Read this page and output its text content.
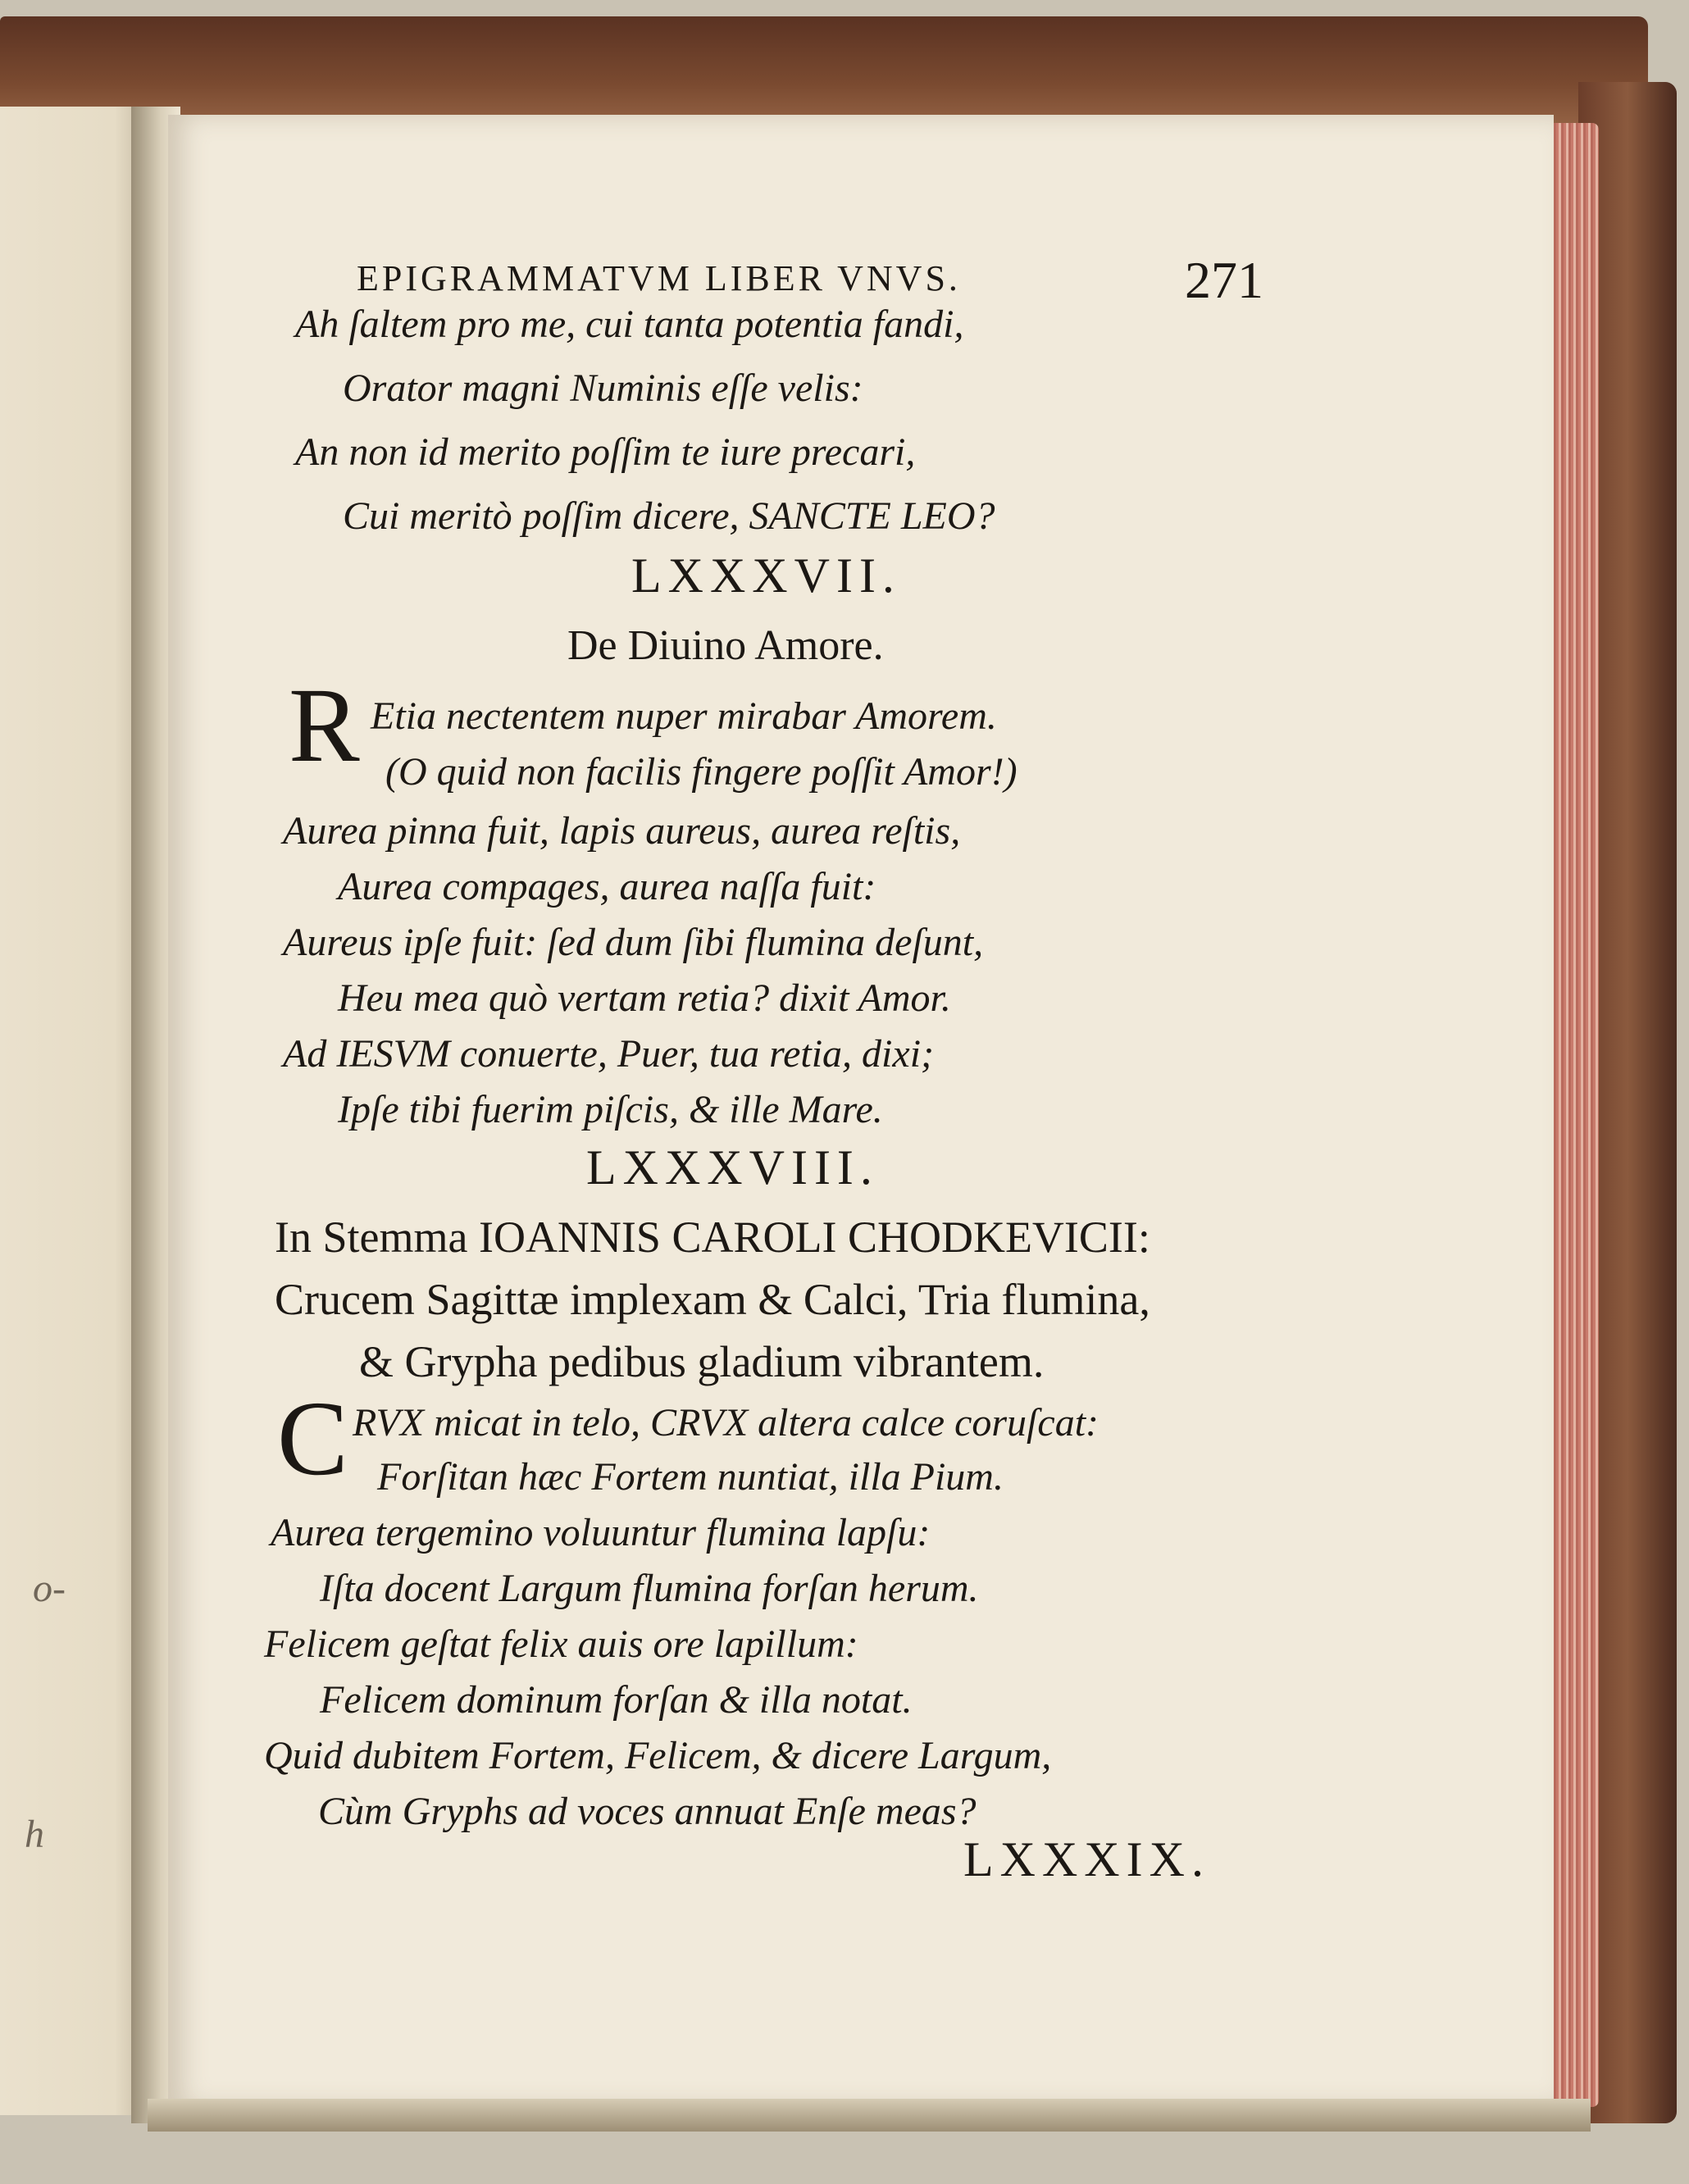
o-
h
EPIGRAMMATVM LIBER VNVS.	271
Ah ſaltem pro me, cui tanta potentia fandi,
Orator magni Numinis eſſe velis:
An non id merito poſſim te iure precari,
Cui meritò poſſim dicere, SANCTE LEO?
LXXXVII.
De Diuino Amore.
R Etia nectentem nuper mirabar Amorem.
(O quid non facilis fingere poſſit Amor!)
Aurea pinna fuit, lapis aureus, aurea reſtis,
Aurea compages, aurea naſſa fuit:
Aureus ipſe fuit: ſed dum ſibi flumina deſunt,
Heu mea quò vertam retia? dixit Amor.
Ad IESVM conuerte, Puer, tua retia, dixi;
Ipſe tibi fuerim piſcis, & ille Mare.
LXXXVIII.
In Stemma IOANNIS CAROLI CHODKEVICII:
Crucem Sagittæ implexam & Calci, Tria flumina,
& Grypha pedibus gladium vibrantem.
C RVX micat in telo, CRVX altera calce coruſcat:
Forſitan hæc Fortem nuntiat, illa Pium.
Aurea tergemino voluuntur flumina lapſu:
Iſta docent Largum flumina forſan herum.
Felicem geſtat felix auis ore lapillum:
Felicem dominum forſan & illa notat.
Quid dubitem Fortem, Felicem, & dicere Largum,
Cùm Gryphs ad voces annuat Enſe meas?
LXXXIX.
